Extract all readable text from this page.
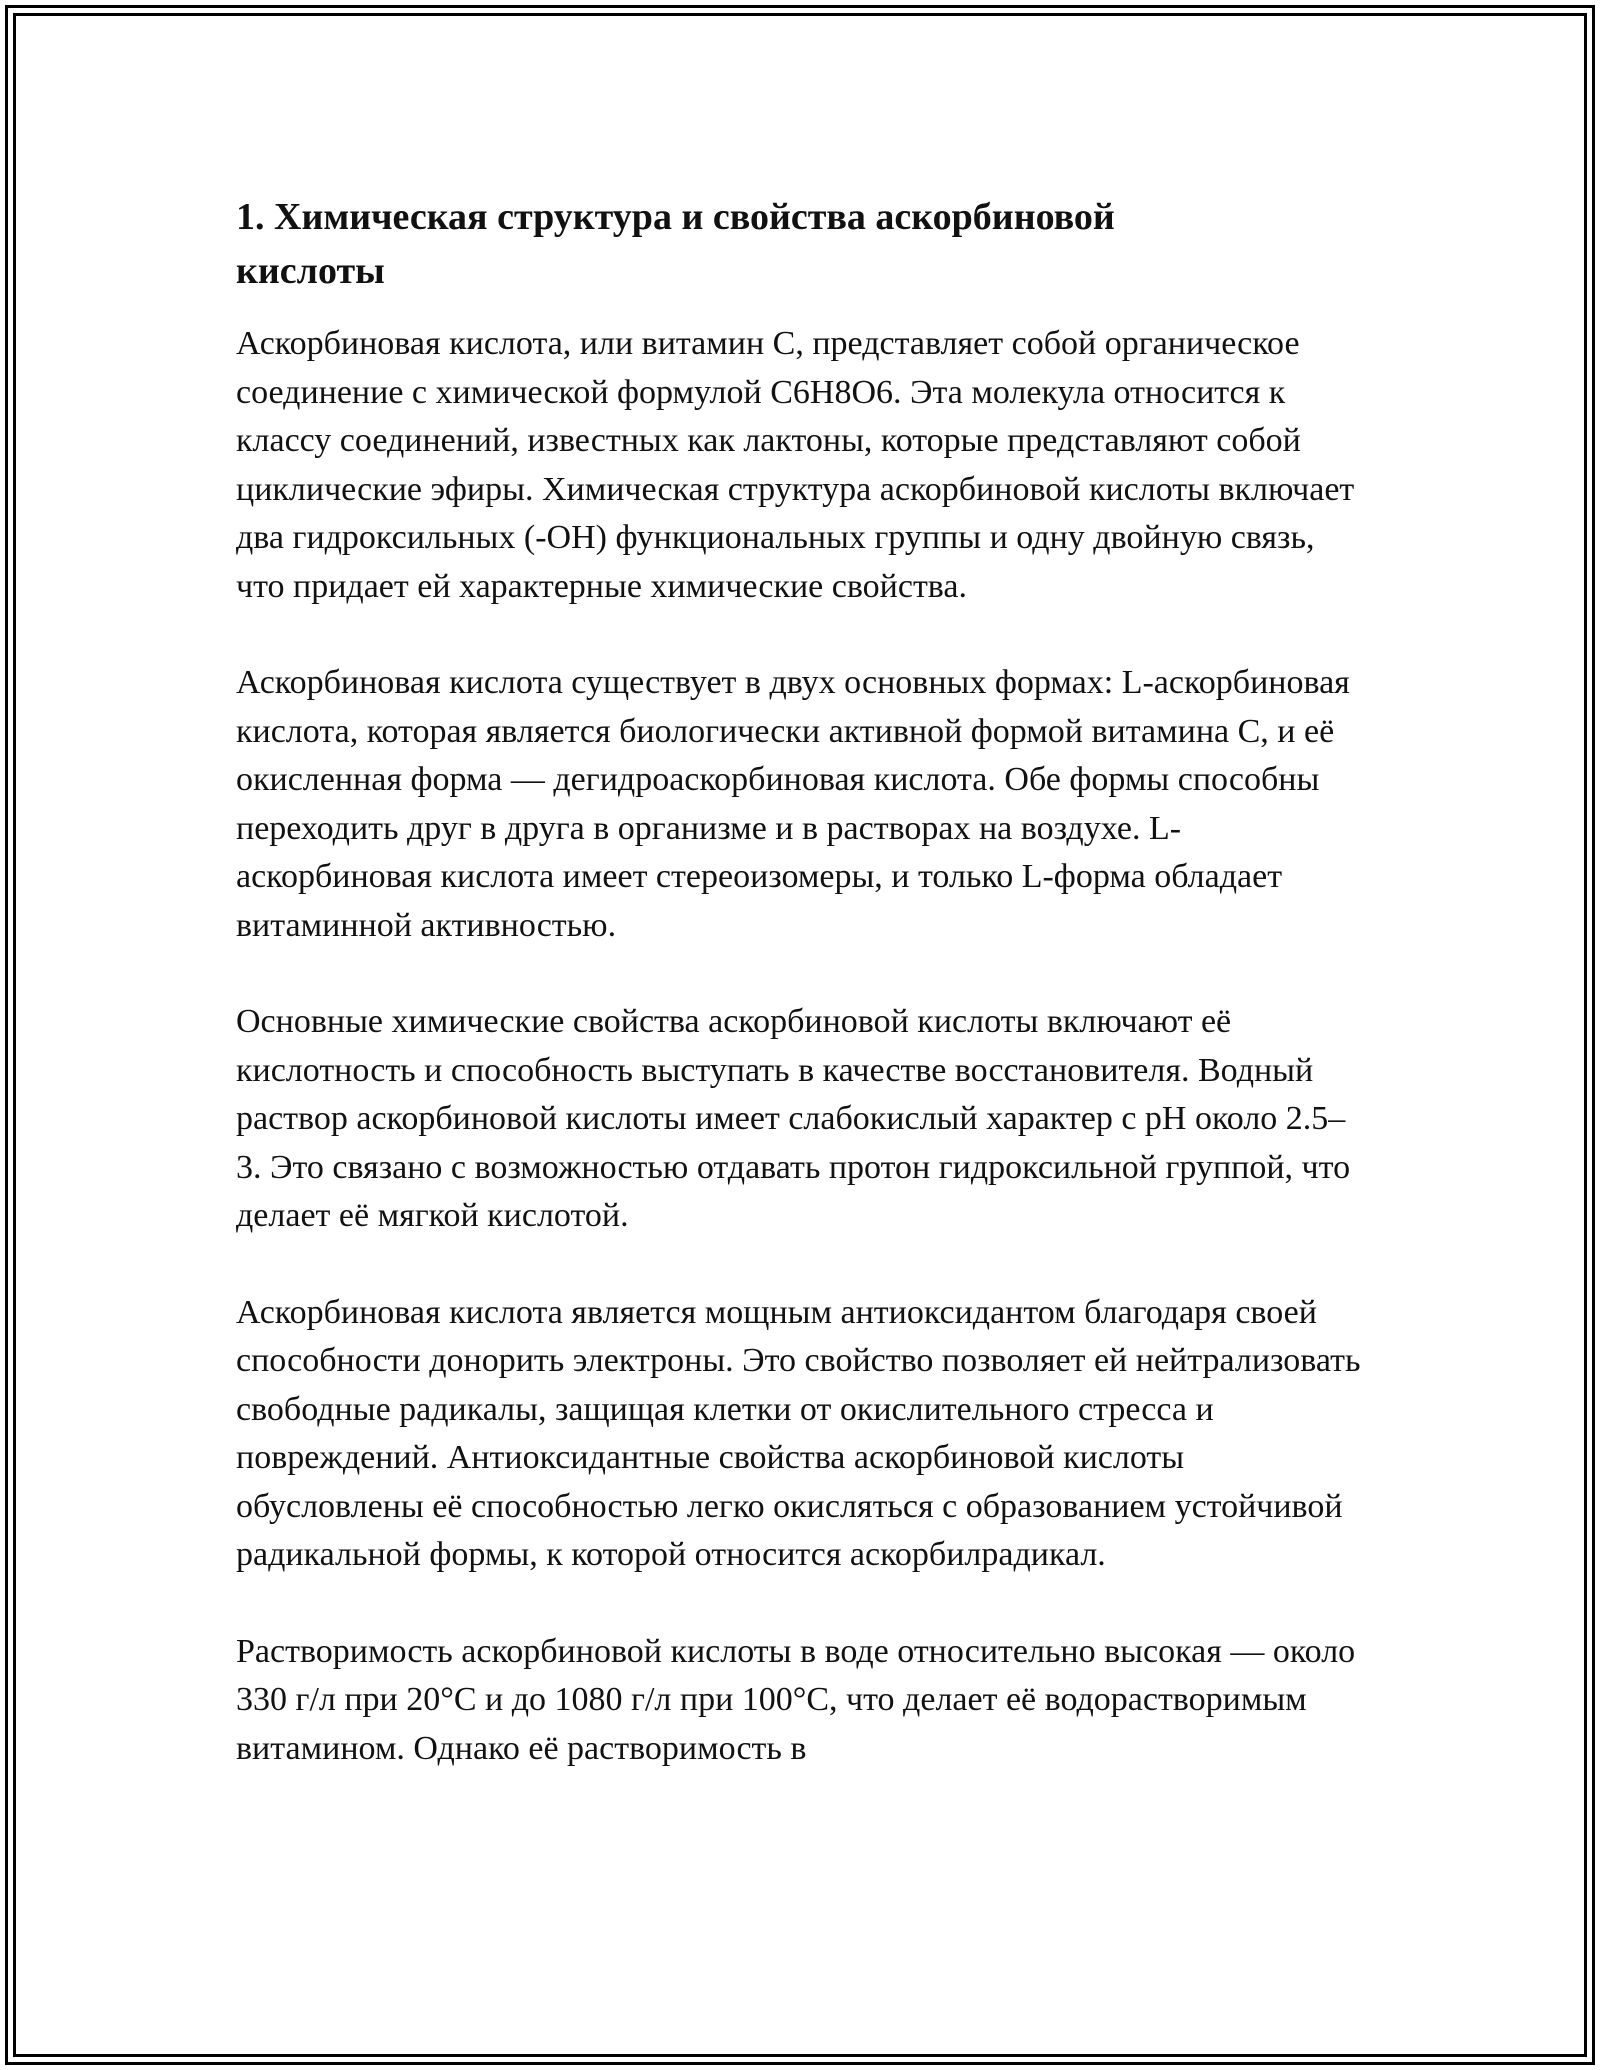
1. Химическая структура и свойства аскорбиновой кислоты

Аскорбиновая кислота, или витамин C, представляет собой органическое соединение с химической формулой C6H8O6. Эта молекула относится к классу соединений, известных как лактоны, которые представляют собой циклические эфиры. Химическая структура аскорбиновой кислоты включает два гидроксильных (-OH) функциональных группы и одну двойную связь, что придает ей характерные химические свойства.

Аскорбиновая кислота существует в двух основных формах: L-аскорбиновая кислота, которая является биологически активной формой витамина C, и её окисленная форма — дегидроаскорбиновая кислота. Обе формы способны переходить друг в друга в организме и в растворах на воздухе. L-аскорбиновая кислота имеет стереоизомеры, и только L-форма обладает витаминной активностью.

Основные химические свойства аскорбиновой кислоты включают её кислотность и способность выступать в качестве восстановителя. Водный раствор аскорбиновой кислоты имеет слабокислый характер с pH около 2.5–3. Это связано с возможностью отдавать протон гидроксильной группой, что делает её мягкой кислотой.

Аскорбиновая кислота является мощным антиоксидантом благодаря своей способности донорить электроны. Это свойство позволяет ей нейтрализовать свободные радикалы, защищая клетки от окислительного стресса и повреждений. Антиоксидантные свойства аскорбиновой кислоты обусловлены её способностью легко окисляться с образованием устойчивой радикальной формы, к которой относится аскорбилрадикал.

Растворимость аскорбиновой кислоты в воде относительно высокая — около 330 г/л при 20°C и до 1080 г/л при 100°C, что делает её водорастворимым витамином. Однако её растворимость в
